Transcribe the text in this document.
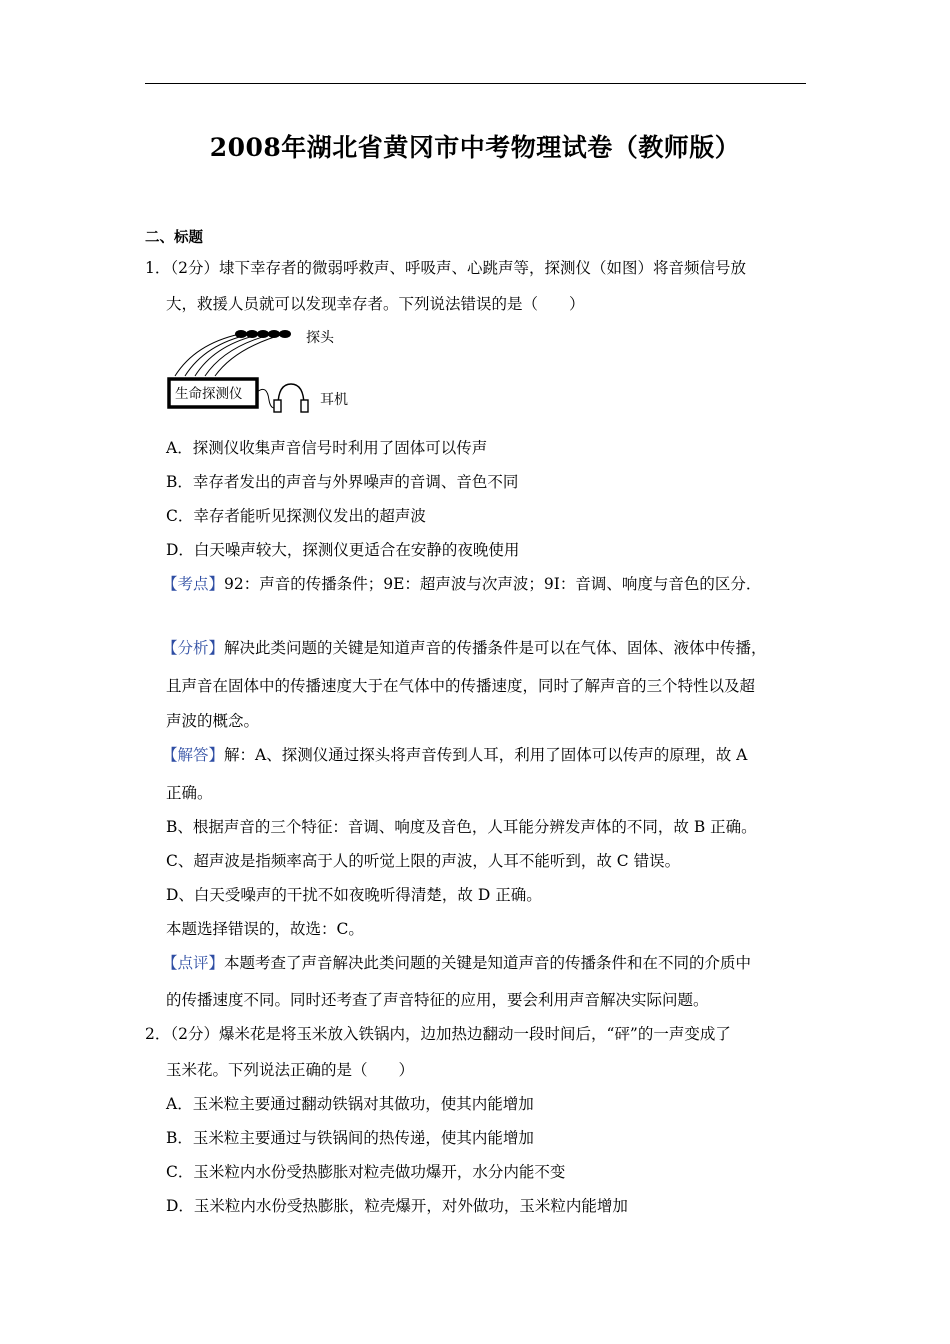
2008年湖北省黄冈市中考物理试卷（教师版）
二、标题
1．（2分）埭下幸存者的微弱呼救声、呼吸声、心跳声等，探测仪（如图）将音频信号放
大，救援人员就可以发现幸存者。下列说法错误的是（　　）
探头
生命探测仪	耳机
A．探测仪收集声音信号时利用了固体可以传声
B．幸存者发出的声音与外界噪声的音调、音色不同
C．幸存者能听见探测仪发出的超声波
D．白天噪声较大，探测仪更适合在安静的夜晚使用
【考点】92：声音的传播条件；9E：超声波与次声波；9I：音调、响度与音色的区分．
【分析】解决此类问题的关键是知道声音的传播条件是可以在气体、固体、液体中传播，
且声音在固体中的传播速度大于在气体中的传播速度，同时了解声音的三个特性以及超
声波的概念。
【解答】解：A、探测仪通过探头将声音传到人耳，利用了固体可以传声的原理，故 A
正确。
B、根据声音的三个特征：音调、响度及音色，人耳能分辨发声体的不同，故 B 正确。
C、超声波是指频率高于人的听觉上限的声波，人耳不能听到，故 C 错误。
D、白天受噪声的干扰不如夜晚听得清楚，故 D 正确。
本题选择错误的，故选：C。
【点评】本题考查了声音解决此类问题的关键是知道声音的传播条件和在不同的介质中
的传播速度不同。同时还考查了声音特征的应用，要会利用声音解决实际问题。
2．（2分）爆米花是将玉米放入铁锅内，边加热边翻动一段时间后，“砰”的一声变成了
玉米花。下列说法正确的是（　　）
A．玉米粒主要通过翻动铁锅对其做功，使其内能增加
B．玉米粒主要通过与铁锅间的热传递，使其内能增加
C．玉米粒内水份受热膨胀对粒壳做功爆开，水分内能不变
D．玉米粒内水份受热膨胀，粒壳爆开，对外做功，玉米粒内能增加
